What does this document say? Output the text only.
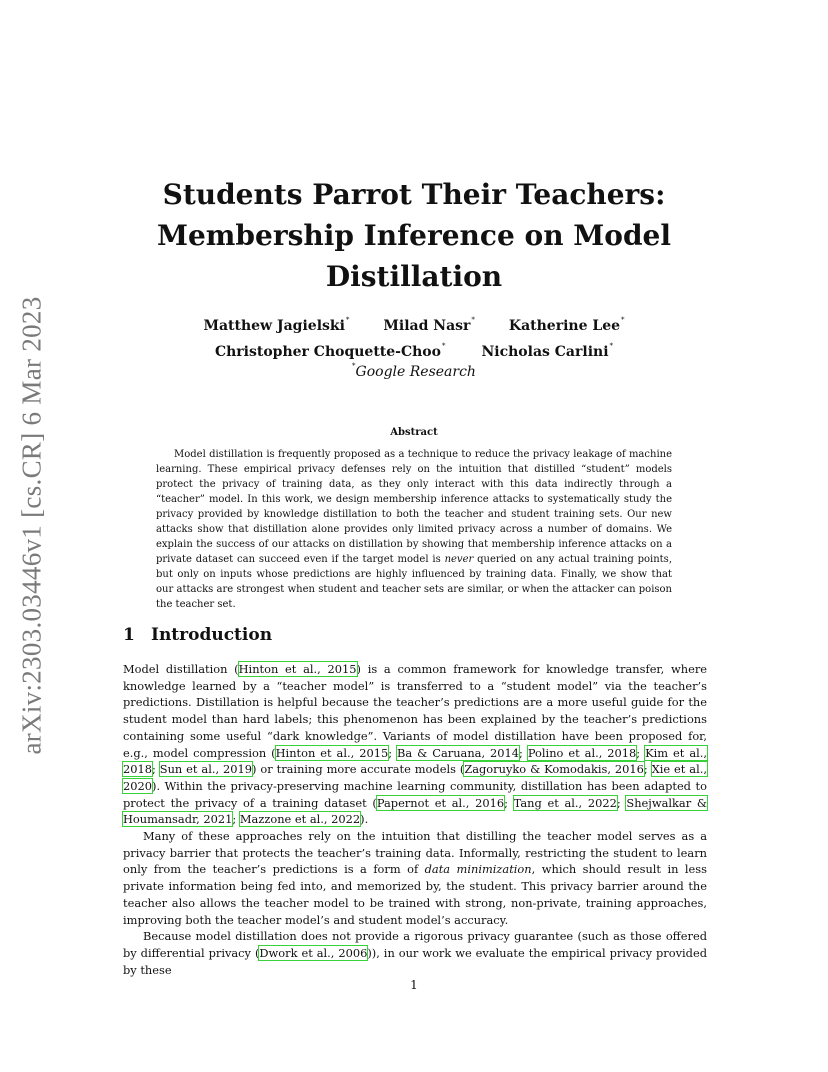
arXiv:2303.03446v1 [cs.CR] 6 Mar 2023
Students Parrot Their Teachers:
Membership Inference on Model
Distillation
Matthew Jagielski* Milad Nasr* Katherine Lee*
Christopher Choquette-Choo*	Nicholas Carlini*
*Google Research
Abstract

Model distillation is frequently proposed as a technique to reduce the privacy leakage of machine learning. These empirical privacy defenses rely on the intuition that distilled “student” models protect the privacy of training data, as they only interact with this data indirectly through a “teacher” model. In this work, we design membership inference attacks to systematically study the privacy provided by knowledge distillation to both the teacher and student training sets. Our new attacks show that distillation alone provides only limited privacy across a number of domains. We explain the success of our attacks on distillation by showing that membership inference attacks on a private dataset can succeed even if the target model is never queried on any actual training points, but only on inputs whose predictions are highly influenced by training data. Finally, we show that our attacks are strongest when student and teacher sets are similar, or when the attacker can poison the teacher set.

1 Introduction

Model distillation (Hinton et al., 2015) is a common framework for knowledge transfer, where knowledge learned by a “teacher model” is transferred to a “student model” via the teacher’s predictions. Distillation is helpful because the teacher’s predictions are a more useful guide for the student model than hard labels; this phenomenon has been explained by the teacher’s predictions containing some useful “dark knowledge”. Variants of model distillation have been proposed for, e.g., model compression (Hinton et al., 2015; Ba & Caruana, 2014; Polino et al., 2018; Kim et al., 2018; Sun et al., 2019) or training more accurate models (Zagoruyko & Komodakis, 2016; Xie et al., 2020). Within the privacy-preserving machine learning community, distillation has been adapted to protect the privacy of a training dataset (Papernot et al., 2016; Tang et al., 2022; Shejwalkar & Houmansadr, 2021; Mazzone et al., 2022).

Many of these approaches rely on the intuition that distilling the teacher model serves as a privacy barrier that protects the teacher’s training data. Informally, restricting the student to learn only from the teacher’s predictions is a form of data minimization, which should result in less private information being fed into, and memorized by, the student. This privacy barrier around the teacher also allows the teacher model to be trained with strong, non-private, training approaches, improving both the teacher model’s and student model’s accuracy.

Because model distillation does not provide a rigorous privacy guarantee (such as those offered by differential privacy (Dwork et al., 2006)), in our work we evaluate the empirical privacy provided by these

1
